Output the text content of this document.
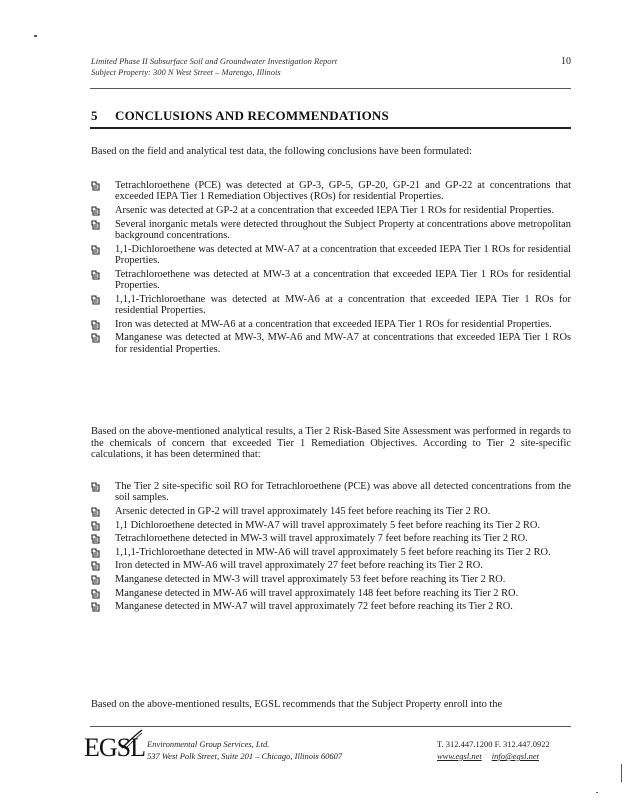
Limited Phase II Subsurface Soil and Groundwater Investigation Report
Subject Property: 300 N West Street – Marengo, Illinois
10
5 CONCLUSIONS AND RECOMMENDATIONS
Based on the field and analytical test data, the following conclusions have been formulated:
Tetrachloroethene (PCE) was detected at GP-3, GP-5, GP-20, GP-21 and GP-22 at concentrations that exceeded IEPA Tier 1 Remediation Objectives (ROs) for residential Properties.
Arsenic was detected at GP-2 at a concentration that exceeded IEPA Tier 1 ROs for residential Properties.
Several inorganic metals were detected throughout the Subject Property at concentrations above metropolitan background concentrations.
1,1-Dichloroethene was detected at MW-A7 at a concentration that exceeded IEPA Tier 1 ROs for residential Properties.
Tetrachloroethene was detected at MW-3 at a concentration that exceeded IEPA Tier 1 ROs for residential Properties.
1,1,1-Trichloroethane was detected at MW-A6 at a concentration that exceeded IEPA Tier 1 ROs for residential Properties.
Iron was detected at MW-A6 at a concentration that exceeded IEPA Tier 1 ROs for residential Properties.
Manganese was detected at MW-3, MW-A6 and MW-A7 at concentrations that exceeded IEPA Tier 1 ROs for residential Properties.
Based on the above-mentioned analytical results, a Tier 2 Risk-Based Site Assessment was performed in regards to the chemicals of concern that exceeded Tier 1 Remediation Objectives. According to Tier 2 site-specific calculations, it has been determined that:
The Tier 2 site-specific soil RO for Tetrachloroethene (PCE) was above all detected concentrations from the soil samples.
Arsenic detected in GP-2 will travel approximately 145 feet before reaching its Tier 2 RO.
1,1 Dichloroethene detected in MW-A7 will travel approximately 5 feet before reaching its Tier 2 RO.
Tetrachloroethene detected in MW-3 will travel approximately 7 feet before reaching its Tier 2 RO.
1,1,1-Trichloroethane detected in MW-A6 will travel approximately 5 feet before reaching its Tier 2 RO.
Iron detected in MW-A6 will travel approximately 27 feet before reaching its Tier 2 RO.
Manganese detected in MW-3 will travel approximately 53 feet before reaching its Tier 2 RO.
Manganese detected in MW-A6 will travel approximately 148 feet before reaching its Tier 2 RO.
Manganese detected in MW-A7 will travel approximately 72 feet before reaching its Tier 2 RO.
Based on the above-mentioned results, EGSL recommends that the Subject Property enroll into the
EGSL Environmental Group Services, Ltd.
537 West Polk Street, Suite 201 – Chicago, Illinois 60607
T. 312.447.1200 F. 312.447.0922
www.egsl.net info@egsl.net
